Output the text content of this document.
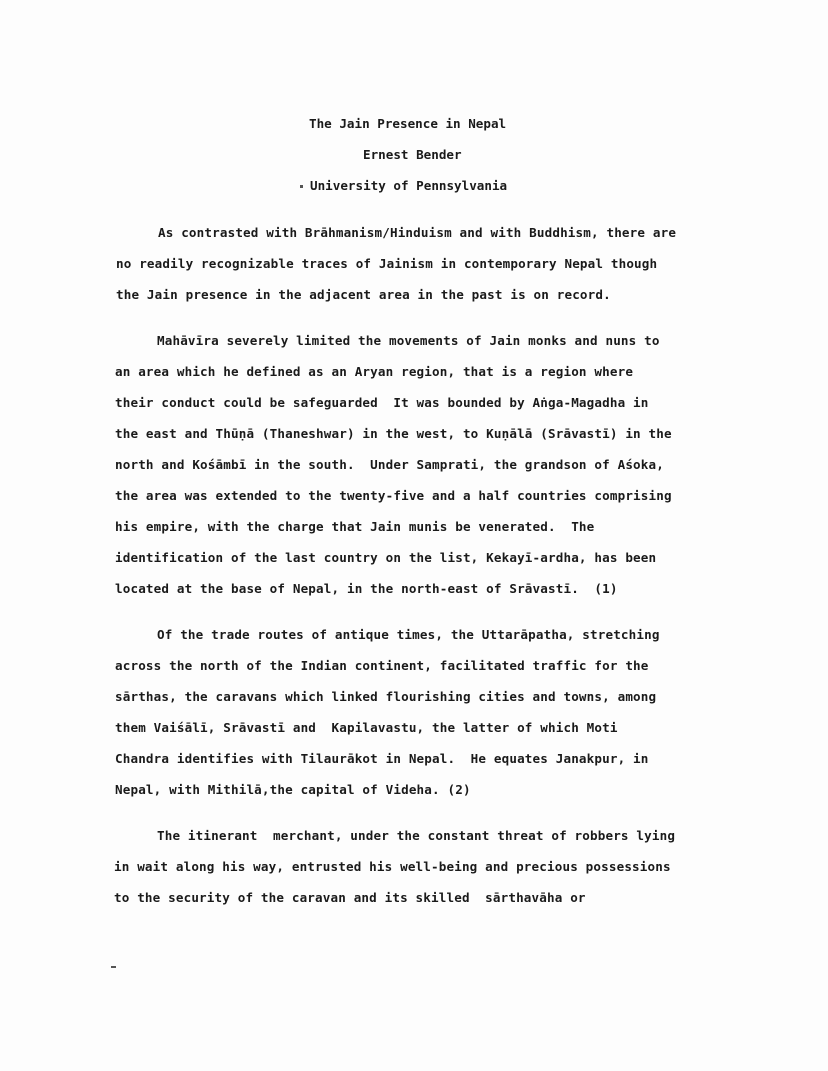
The Jain Presence in Nepal
Ernest Bender
University of Pennsylvania
As contrasted with Brāhmanism/Hinduism and with Buddhism, there are
no readily recognizable traces of Jainism in contemporary Nepal though
the Jain presence in the adjacent area in the past is on record.
Mahāvīra severely limited the movements of Jain monks and nuns to
an area which he defined as an Aryan region, that is a region where
their conduct could be safeguarded  It was bounded by Aṅga-Magadha in
the east and Thūṇā (Thaneshwar) in the west, to Kuṇālā (Srāvastī) in the
north and Kośāmbī in the south.  Under Samprati, the grandson of Aśoka,
the area was extended to the twenty-five and a half countries comprising
his empire, with the charge that Jain munis be venerated.  The
identification of the last country on the list, Kekayī-ardha, has been
located at the base of Nepal, in the north-east of Srāvastī.  (1)
Of the trade routes of antique times, the Uttarāpatha, stretching
across the north of the Indian continent, facilitated traffic for the
sārthas, the caravans which linked flourishing cities and towns, among
them Vaiśālī, Srāvastī and  Kapilavastu, the latter of which Moti
Chandra identifies with Tilaurākot in Nepal.  He equates Janakpur, in
Nepal, with Mithilā,the capital of Videha. (2)
The itinerant  merchant, under the constant threat of robbers lying
in wait along his way, entrusted his well-being and precious possessions
to the security of the caravan and its skilled  sārthavāha or
